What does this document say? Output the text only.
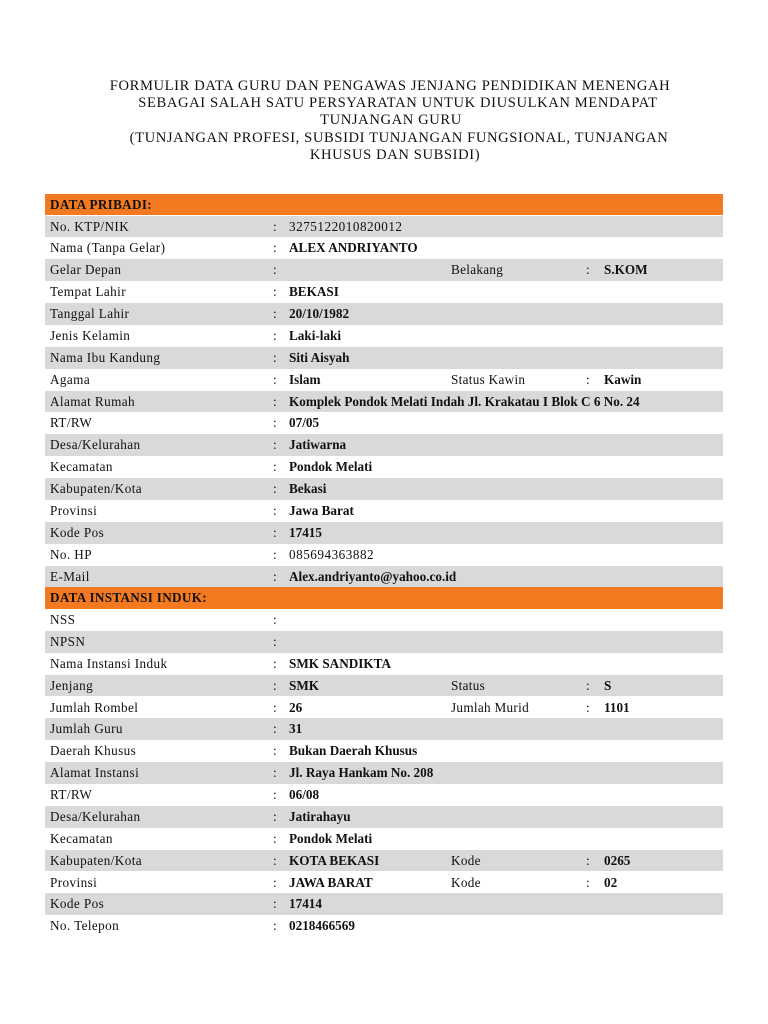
FORMULIR DATA GURU DAN PENGAWAS JENJANG PENDIDIKAN MENENGAH
SEBAGAI SALAH SATU PERSYARATAN UNTUK DIUSULKAN MENDAPAT
TUNJANGAN GURU
(TUNJANGAN PROFESI, SUBSIDI TUNJANGAN FUNGSIONAL, TUNJANGAN
KHUSUS DAN SUBSIDI)
DATA PRIBADI:
No. KTP/NIK	: 3275122010820012
Nama (Tanpa Gelar)	: ALEX ANDRIYANTO
Gelar Depan	:	Belakang	: S.KOM
Tempat Lahir	: BEKASI
Tanggal Lahir	: 20/10/1982
Jenis Kelamin	: Laki-laki
Nama Ibu Kandung	: Siti Aisyah
Agama	: Islam	Status Kawin	: Kawin
Alamat Rumah	: Komplek Pondok Melati Indah Jl. Krakatau I Blok C 6 No. 24
RT/RW	: 07/05
Desa/Kelurahan	: Jatiwarna
Kecamatan	: Pondok Melati
Kabupaten/Kota	: Bekasi
Provinsi	: Jawa Barat
Kode Pos	: 17415
No. HP	: 085694363882
E-Mail	: Alex.andriyanto@yahoo.co.id
DATA INSTANSI INDUK:
NSS	:
NPSN	:
Nama Instansi Induk	: SMK SANDIKTA
Jenjang	: SMK	Status	: S
Jumlah Rombel	: 26	Jumlah Murid	: 1101
Jumlah Guru	: 31
Daerah Khusus	: Bukan Daerah Khusus
Alamat Instansi	: Jl. Raya Hankam No. 208
RT/RW	: 06/08
Desa/Kelurahan	: Jatirahayu
Kecamatan	: Pondok Melati
Kabupaten/Kota	: KOTA BEKASI	Kode	: 0265
Provinsi	: JAWA BARAT	Kode	: 02
Kode Pos	: 17414
No. Telepon	: 0218466569
